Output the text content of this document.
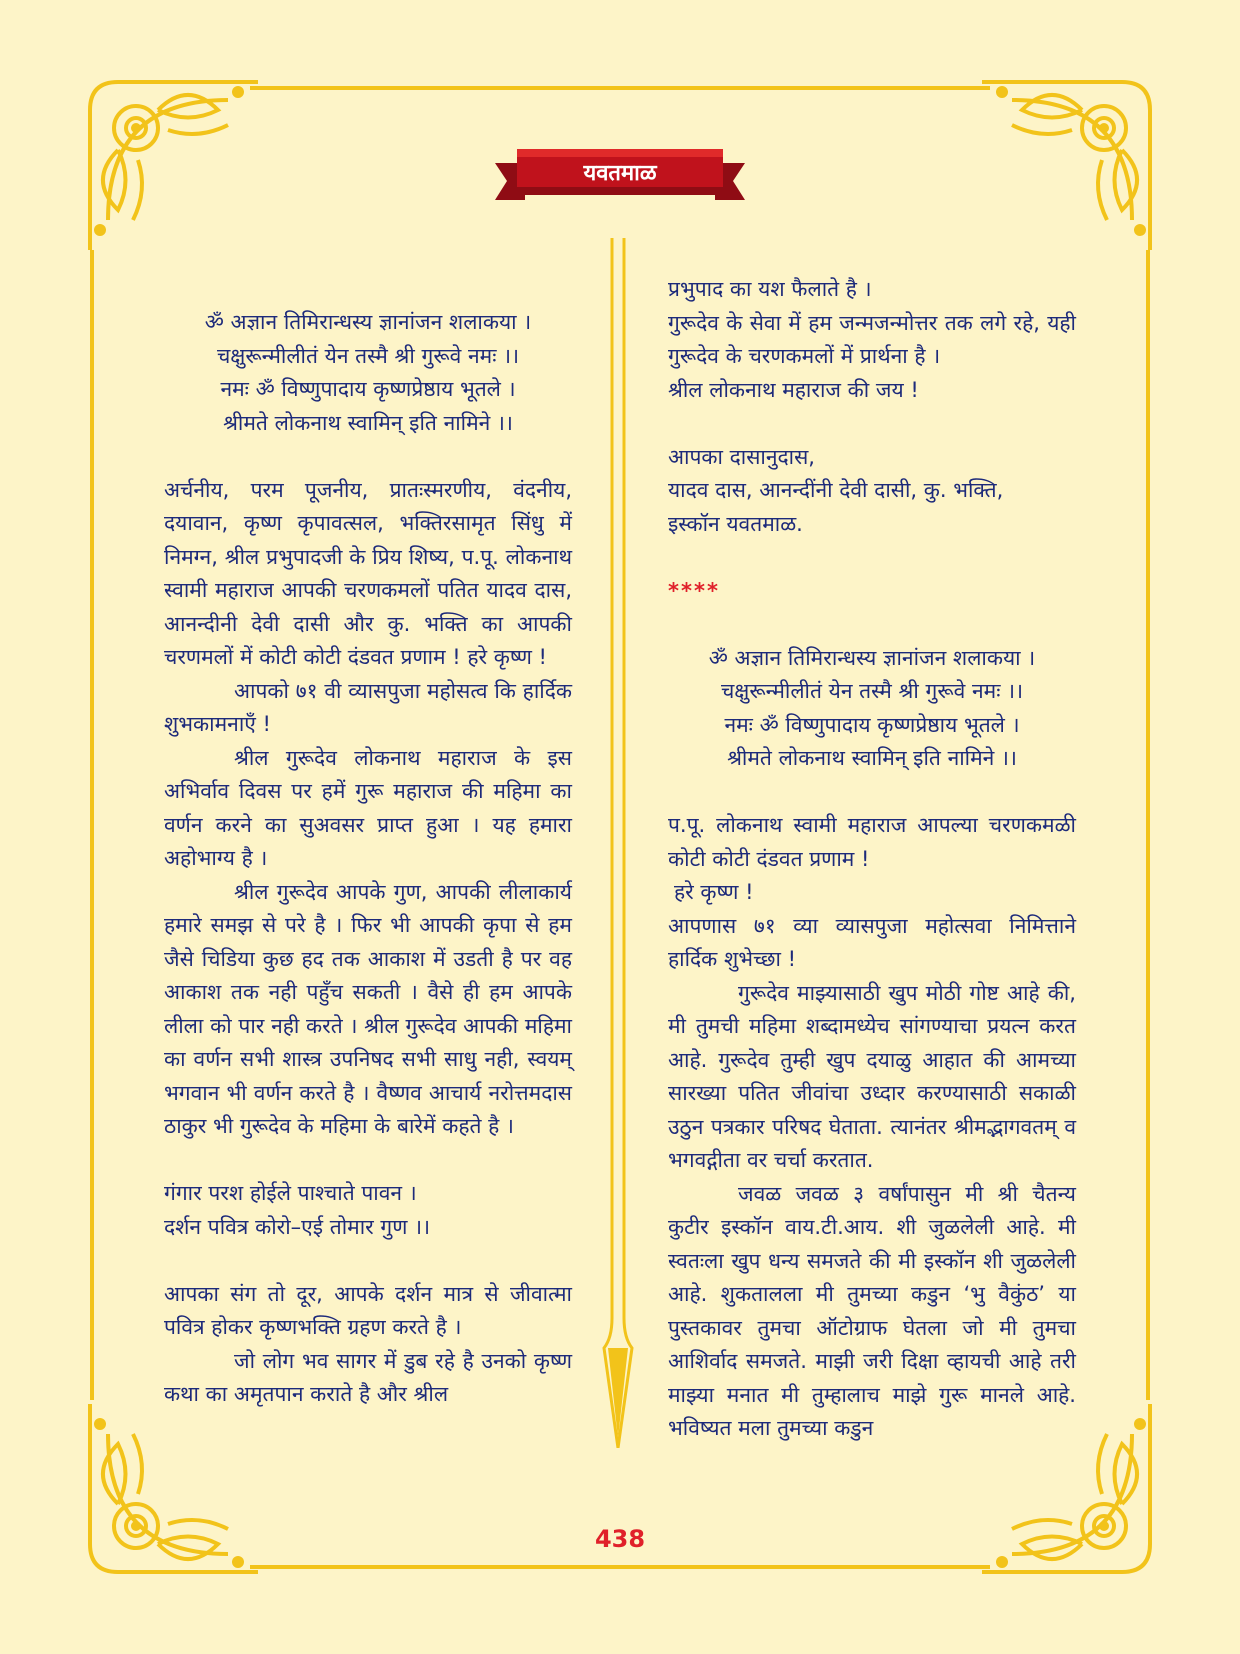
यवतमाळ

ॐ अज्ञान तिमिरान्धस्य ज्ञानांजन शलाकया ।

चक्षुरून्मीलीतं येन तस्मै श्री गुरूवे नमः ।।

नमः ॐ विष्णुपादाय कृष्णप्रेष्ठाय भूतले ।

श्रीमते लोकनाथ स्वामिन् इति नामिने ।।

अर्चनीय, परम पूजनीय, प्रातःस्मरणीय, वंदनीय, दयावान, कृष्ण कृपावत्सल, भक्तिरसामृत सिंधु में निमग्न, श्रील प्रभुपादजी के प्रिय शिष्य, प.पू. लोकनाथ स्वामी महाराज आपकी चरणकमलों पतित यादव दास, आनन्दीनी देवी दासी और कु. भक्ति का आपकी चरणमलों में कोटी कोटी दंडवत प्रणाम ! हरे कृष्ण !

आपको ७१ वी व्यासपुजा महोसत्व कि हार्दिक शुभकामनाएँ !

श्रील गुरूदेव लोकनाथ महाराज के इस अभिर्वाव दिवस पर हमें गुरू महाराज की महिमा का वर्णन करने का सुअवसर प्राप्त हुआ । यह हमारा अहोभाग्य है ।

श्रील गुरूदेव आपके गुण, आपकी लीलाकार्य हमारे समझ से परे है । फिर भी आपकी कृपा से हम जैसे चिडिया कुछ हद तक आकाश में उडती है पर वह आकाश तक नही पहुँच सकती । वैसे ही हम आपके लीला को पार नही करते । श्रील गुरूदेव आपकी महिमा का वर्णन सभी शास्त्र उपनिषद सभी साधु नही, स्वयम् भगवान भी वर्णन करते है । वैष्णव आचार्य नरोत्तमदास ठाकुर भी गुरूदेव के महिमा के बारेमें कहते है ।

गंगार परश होईले पाश्चाते पावन ।

दर्शन पवित्र कोरो–एई तोमार गुण ।।

आपका संग तो दूर, आपके दर्शन मात्र से जीवात्मा पवित्र होकर कृष्णभक्ति ग्रहण करते है ।

जो लोग भव सागर में डुब रहे है उनको कृष्ण कथा का अमृतपान कराते है और श्रील

प्रभुपाद का यश फैलाते है ।

गुरूदेव के सेवा में हम जन्मजन्मोत्तर तक लगे रहे, यही गुरूदेव के चरणकमलों में प्रार्थना है ।

श्रील लोकनाथ महाराज की जय !

आपका दासानुदास,

यादव दास, आनन्दींनी देवी दासी, कु. भक्ति,

इस्कॉन यवतमाळ.

****

ॐ अज्ञान तिमिरान्धस्य ज्ञानांजन शलाकया ।

चक्षुरून्मीलीतं येन तस्मै श्री गुरूवे नमः ।।

नमः ॐ विष्णुपादाय कृष्णप्रेष्ठाय भूतले ।

श्रीमते लोकनाथ स्वामिन् इति नामिने ।।

प.पू. लोकनाथ स्वामी महाराज आपल्या चरणकमळी कोटी कोटी दंडवत प्रणाम !

हरे कृष्ण !

आपणास ७१ व्या व्यासपुजा महोत्सवा निमित्ताने हार्दिक शुभेच्छा !

गुरूदेव माझ्यासाठी खुप मोठी गोष्ट आहे की, मी तुमची महिमा शब्दामध्येच सांगण्याचा प्रयत्न करत आहे. गुरूदेव तुम्ही खुप दयाळु आहात की आमच्या सारख्या पतित जीवांचा उध्दार करण्यासाठी सकाळी उठुन पत्रकार परिषद घेताता. त्यानंतर श्रीमद्भागवतम् व भगवद्गीता वर चर्चा करतात.

जवळ जवळ ३ वर्षांपासुन मी श्री चैतन्य कुटीर इस्कॉन वाय.टी.आय. शी जुळलेली आहे. मी स्वतःला खुप धन्य समजते की मी इस्कॉन शी जुळलेली आहे. शुकतालला मी तुमच्या कडुन ‘भु वैकुंठ’ या पुस्तकावर तुमचा ऑटोग्राफ घेतला जो मी तुमचा आशिर्वाद समजते. माझी जरी दिक्षा व्हायची आहे तरी माझ्या मनात मी तुम्हालाच माझे गुरू मानले आहे. भविष्यत मला तुमच्या कडुन

438
